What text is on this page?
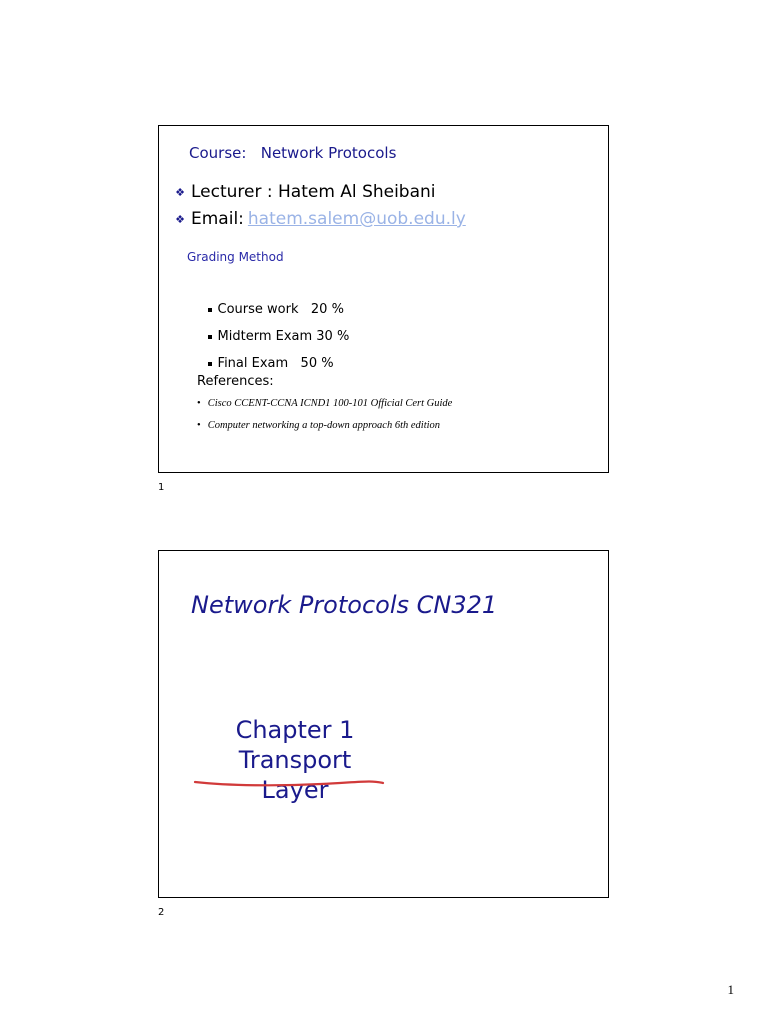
Course:   Network Protocols
❖ Lecturer : Hatem Al Sheibani
❖ Email: hatem.salem@uob.edu.ly
Grading Method

Course work   20 %

Midterm Exam 30 %

Final Exam   50 %

References:
• Cisco CCENT-CCNA ICND1 100-101 Official Cert Guide
• Computer networking a top-down approach 6th edition
1
Network Protocols CN321
Chapter 1
Transport Layer
2
1
